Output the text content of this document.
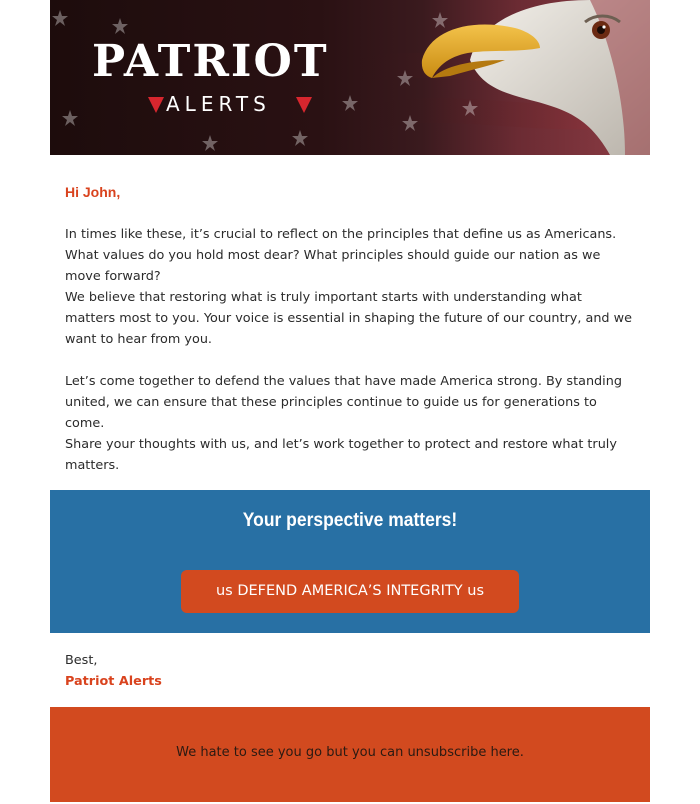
PATRIOT
ALERTS
Hi John,

In times like these, it’s crucial to reflect on the principles that define us as Americans. What values do you hold most dear? What principles should guide our nation as we move forward?

We believe that restoring what is truly important starts with understanding what matters most to you. Your voice is essential in shaping the future of our country, and we want to hear from you.

Let’s come together to defend the values that have made America strong. By standing united, we can ensure that these principles continue to guide us for generations to come.

Share your thoughts with us, and let’s work together to protect and restore what truly matters.

Your perspective matters!
us DEFEND AMERICA’S INTEGRITY us
Best,
Patriot Alerts
We hate to see you go but you can unsubscribe here.
